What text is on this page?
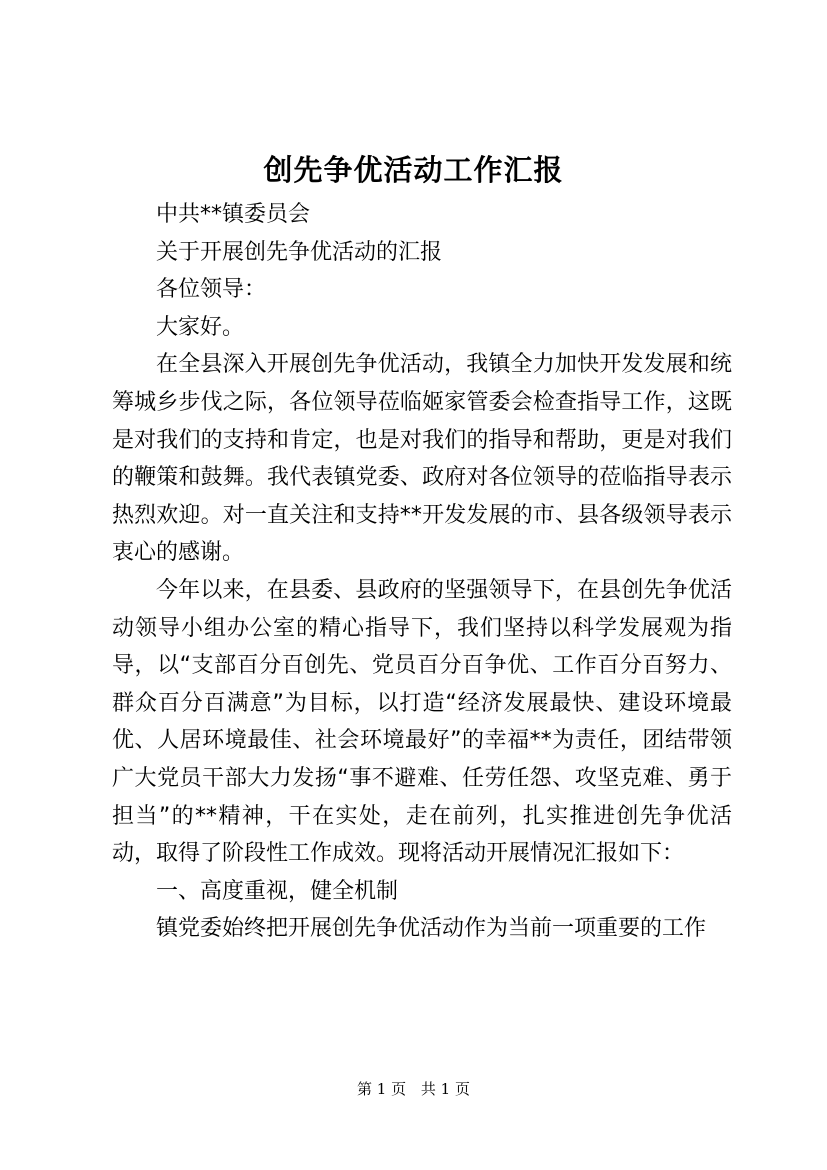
创先争优活动工作汇报

中共**镇委员会

关于开展创先争优活动的汇报

各位领导：

大家好。

在全县深入开展创先争优活动，我镇全力加快开发发展和统筹城乡步伐之际，各位领导莅临姬家管委会检查指导工作，这既是对我们的支持和肯定，也是对我们的指导和帮助，更是对我们的鞭策和鼓舞。我代表镇党委、政府对各位领导的莅临指导表示热烈欢迎。对一直关注和支持**开发发展的市、县各级领导表示衷心的感谢。

今年以来，在县委、县政府的坚强领导下，在县创先争优活动领导小组办公室的精心指导下，我们坚持以科学发展观为指导，以“支部百分百创先、党员百分百争优、工作百分百努力、群众百分百满意”为目标，以打造“经济发展最快、建设环境最优、人居环境最佳、社会环境最好”的幸福**为责任，团结带领广大党员干部大力发扬“事不避难、任劳任怨、攻坚克难、勇于担当”的**精神，干在实处，走在前列，扎实推进创先争优活动，取得了阶段性工作成效。现将活动开展情况汇报如下：

一、高度重视，健全机制

镇党委始终把开展创先争优活动作为当前一项重要的工作

第 1 页 共 1 页
